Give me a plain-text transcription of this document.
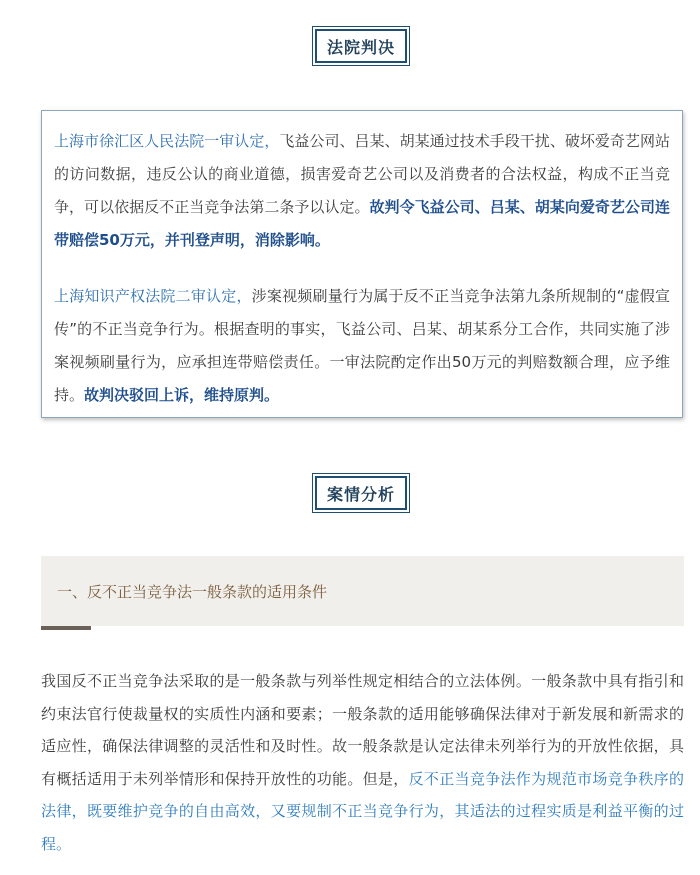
法院判决

上海市徐汇区人民法院一审认定，飞益公司、吕某、胡某通过技术手段干扰、破坏爱奇艺网站的访问数据，违反公认的商业道德，损害爱奇艺公司以及消费者的合法权益，构成不正当竞争，可以依据反不正当竞争法第二条予以认定。故判令飞益公司、吕某、胡某向爱奇艺公司连带赔偿50万元，并刊登声明，消除影响。

上海知识产权法院二审认定，涉案视频刷量行为属于反不正当竞争法第九条所规制的“虚假宣传”的不正当竞争行为。根据查明的事实，飞益公司、吕某、胡某系分工合作，共同实施了涉案视频刷量行为，应承担连带赔偿责任。一审法院酌定作出50万元的判赔数额合理，应予维持。故判决驳回上诉，维持原判。

案情分析
一、反不正当竞争法一般条款的适用条件

我国反不正当竞争法采取的是一般条款与列举性规定相结合的立法体例。一般条款中具有指引和约束法官行使裁量权的实质性内涵和要素；一般条款的适用能够确保法律对于新发展和新需求的适应性，确保法律调整的灵活性和及时性。故一般条款是认定法律未列举行为的开放性依据，具有概括适用于未列举情形和保持开放性的功能。但是，反不正当竞争法作为规范市场竞争秩序的法律，既要维护竞争的自由高效，又要规制不正当竞争行为，其适法的过程实质是利益平衡的过程。
